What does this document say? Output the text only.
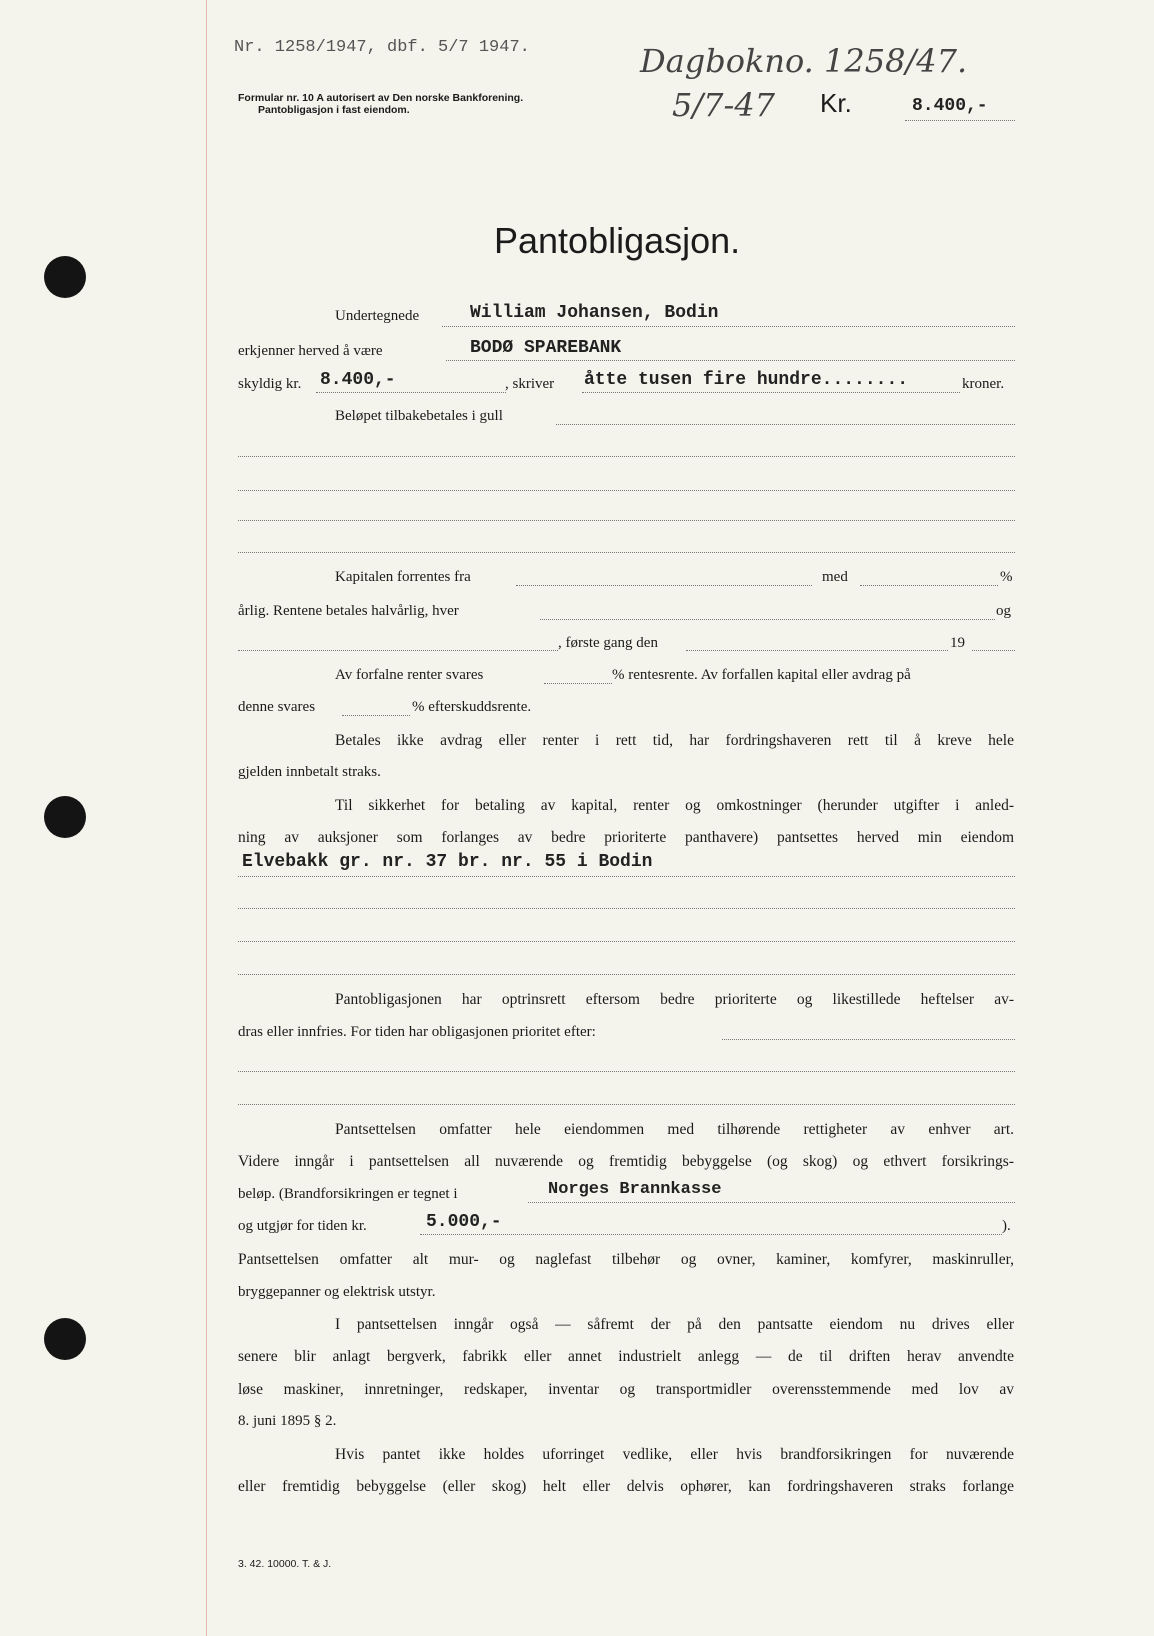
Nr. 1258/1947, dbf. 5/7 1947.
Formular nr. 10 A autorisert av Den norske Bankforening.
Pantobligasjon i fast eiendom.
Dagbokno. 1258/47.
5/7-47 Kr.	8.400,-
Pantobligasjon.
Undertegnede	William Johansen, Bodin
erkjenner herved å være	BODØ SPAREBANK
skyldig kr. 8.400,-	, skriver åtte tusen fire hundre........	kroner.
Beløpet tilbakebetales i gull
Kapitalen forrentes fra	med	%
årlig. Rentene betales halvårlig, hver	og
, første gang den	19
Av forfalne renter svares	% rentesrente. Av forfallen kapital eller avdrag på
denne svares	% efterskuddsrente.
Betales ikke avdrag eller renter i rett tid, har fordringshaveren rett til å kreve hele
gjelden innbetalt straks.
Til sikkerhet for betaling av kapital, renter og omkostninger (herunder utgifter i anled-
ning av auksjoner som forlanges av bedre prioriterte panthavere) pantsettes herved min eiendom
Elvebakk gr. nr. 37 br. nr. 55 i Bodin
Pantobligasjonen har optrinsrett eftersom bedre prioriterte og likestillede heftelser av-
dras eller innfries. For tiden har obligasjonen prioritet efter:
Pantsettelsen omfatter hele eiendommen med tilhørende rettigheter av enhver art.
Videre inngår i pantsettelsen all nuværende og fremtidig bebyggelse (og skog) og ethvert forsikrings-
beløp. (Brandforsikringen er tegnet i	Norges Brannkasse
og utgjør for tiden kr.	5.000,-	).
Pantsettelsen omfatter alt mur- og naglefast tilbehør og ovner, kaminer, komfyrer, maskinruller,
bryggepanner og elektrisk utstyr.
I pantsettelsen inngår også — såfremt der på den pantsatte eiendom nu drives eller
senere blir anlagt bergverk, fabrikk eller annet industrielt anlegg — de til driften herav anvendte
løse maskiner, innretninger, redskaper, inventar og transportmidler overensstemmende med lov av
8. juni 1895 § 2.
Hvis pantet ikke holdes uforringet vedlike, eller hvis brandforsikringen for nuværende
eller fremtidig bebyggelse (eller skog) helt eller delvis ophører, kan fordringshaveren straks forlange
3. 42. 10000. T. & J.
